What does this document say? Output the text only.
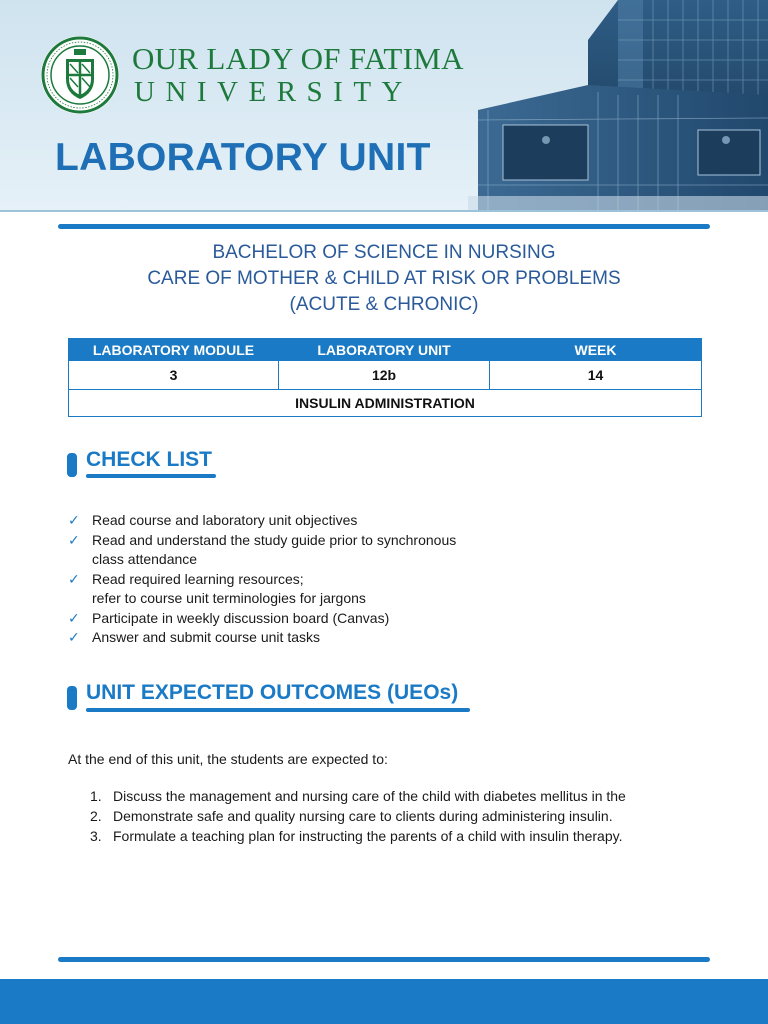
OUR LADY OF FATIMA

UNIVERSITY

LABORATORY UNIT
BACHELOR OF SCIENCE IN NURSING
CARE OF MOTHER & CHILD AT RISK OR PROBLEMS
(ACUTE & CHRONIC)
LABORATORY MODULE	LABORATORY UNIT	WEEK
3	12b	14
INSULIN ADMINISTRATION		
CHECK LIST
✓ Read course and laboratory unit objectives
✓ Read and understand the study guide prior to synchronous
class attendance
✓ Read required learning resources;
refer to course unit terminologies for jargons
✓ Participate in weekly discussion board (Canvas)
✓ Answer and submit course unit tasks
UNIT EXPECTED OUTCOMES (UEOs)

At the end of this unit, the students are expected to:

1. Discuss the management and nursing care of the child with diabetes mellitus in the
2. Demonstrate safe and quality nursing care to clients during administering insulin.
3. Formulate a teaching plan for instructing the parents of a child with insulin therapy.
